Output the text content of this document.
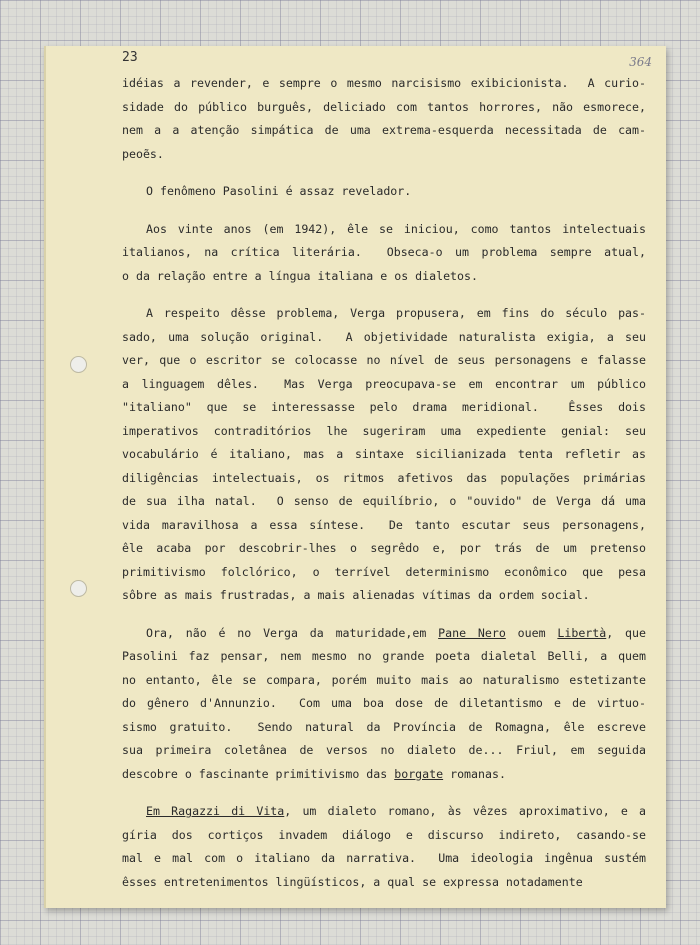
23	364
idéias a revender, e sempre o mesmo narcisismo exibicionista.  A curio-
sidade do público burguês, deliciado com tantos horrores, não esmorece,
nem a a atenção simpática de uma extrema-esquerda necessitada de cam-
peoẽs.
O fenômeno Pasolini é assaz revelador.
Aos vinte anos (em 1942), êle se iniciou, como tantos intelectuais
italianos, na crítica literária.  Obseca-o um problema sempre atual,
o da relação entre a língua italiana e os dialetos.
A respeito dêsse problema, Verga propusera, em fins do século pas-
sado, uma solução original.  A objetividade naturalista exigia, a seu
ver, que o escritor se colocasse no nível de seus personagens e falasse
a linguagem dêles.  Mas Verga preocupava-se em encontrar um público
"italiano" que se interessasse pelo drama meridional.  Êsses dois
imperativos contraditórios lhe sugeriram uma expediente genial: seu
vocabulário é italiano, mas a sintaxe sicilianizada tenta refletir as
diligências intelectuais, os ritmos afetivos das populações primárias
de sua ilha natal.  O senso de equilíbrio, o "ouvido" de Verga dá uma
vida maravilhosa a essa síntese.  De tanto escutar seus personagens,
êle acaba por descobrir-lhes o segrêdo e, por trás de um pretenso
primitivismo folclórico, o terrível determinismo econômico que pesa
sôbre as mais frustradas, a mais alienadas vítimas da ordem social.
Ora, não é no Verga da maturidade,em Pane Nero ouem Libertà, que
Pasolini faz pensar, nem mesmo no grande poeta dialetal Belli, a quem
no entanto, êle se compara, porém muito mais ao naturalismo estetizante
do gênero d'Annunzio.  Com uma boa dose de diletantismo e de virtuo-
sismo gratuito.  Sendo natural da Província de Romagna, êle escreve
sua primeira coletânea de versos no dialeto de... Friul, em seguida
descobre o fascinante primitivismo das borgate romanas.
Em Ragazzi di Vita, um dialeto romano, às vêzes aproximativo, e a
gíria dos cortiços invadem diálogo e discurso indireto, casando-se
mal e mal com o italiano da narrativa.  Uma ideologia ingênua sustém
êsses entretenimentos lingüísticos, a qual se expressa notadamente
